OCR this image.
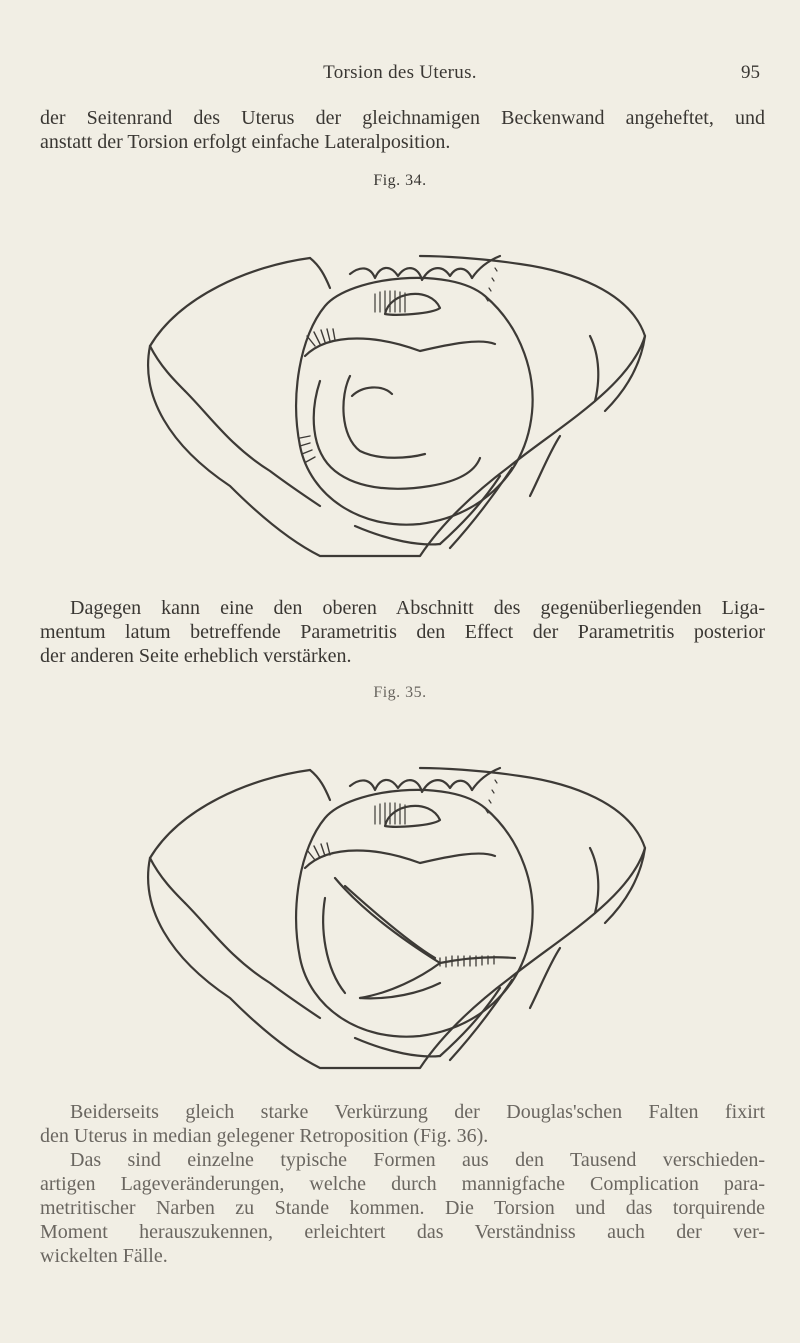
Torsion des Uterus.	95

der Seitenrand des Uterus der gleichnamigen Beckenwand angeheftet, und
anstatt der Torsion erfolgt einfache Lateralposition.

Fig. 34.

Dagegen kann eine den oberen Abschnitt des gegenüberliegenden Liga-
mentum latum betreffende Parametritis den Effect der Parametritis posterior
der anderen Seite erheblich verstärken.

Fig. 35.

Beiderseits gleich starke Verkürzung der Douglas'schen Falten fixirt
den Uterus in median gelegener Retroposition (Fig. 36).

Das sind einzelne typische Formen aus den Tausend verschieden-
artigen Lageveränderungen, welche durch mannigfache Complication para-
metritischer Narben zu Stande kommen. Die Torsion und das torquirende
Moment herauszukennen, erleichtert das Verständniss auch der ver-
wickelten Fälle.
